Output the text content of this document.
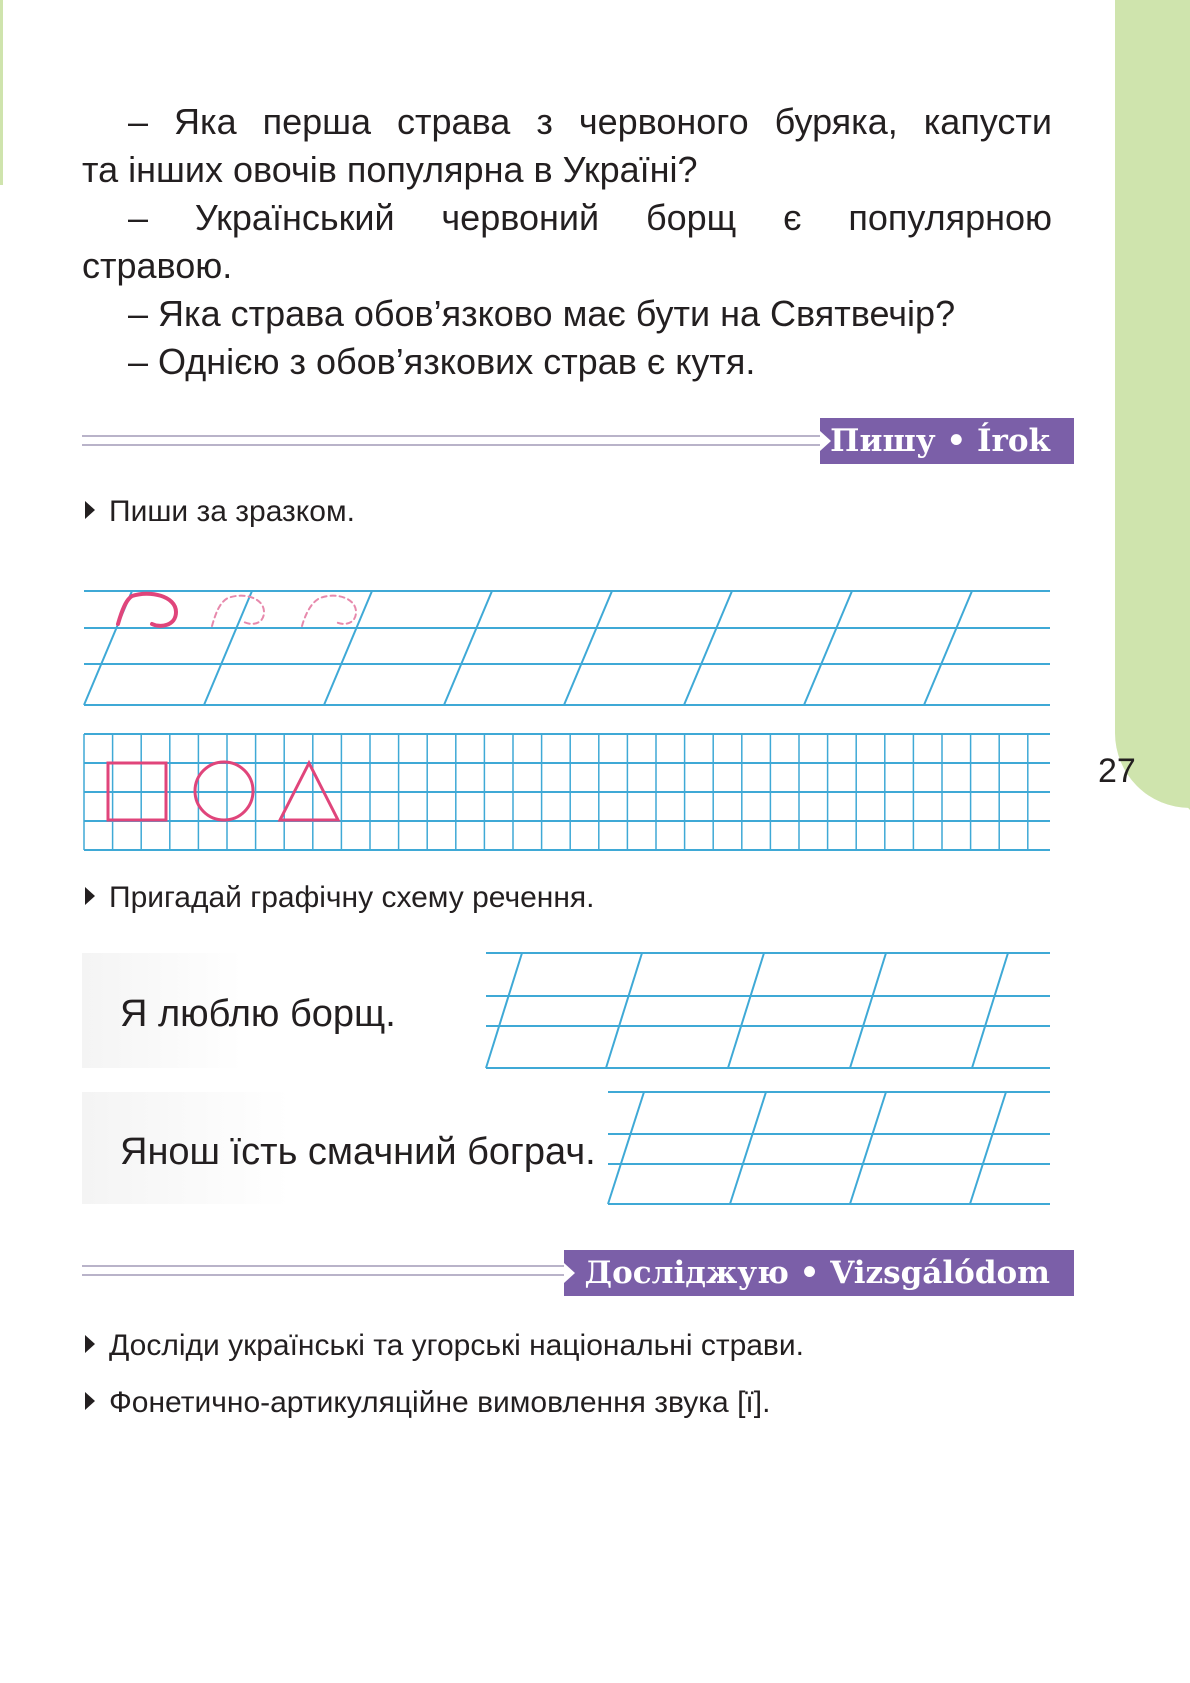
27
– Яка перша страва з червоного буряка, капусти
та інших овочів популярна в Україні?
– Український червоний борщ є популярною
стравою.
– Яка страва обов’язково має бути на Святвечір?
– Однією з обов’язкових страв є кутя.
Пишу • Írok
Пиши за зразком.
Пригадай графічну схему речення.
Я люблю борщ.
Янош їсть смачний бограч.
Досліджую • Vizsgálódom
Досліди українські та угорські національні страви.
Фонетично-артикуляційне вимовлення звука [ї].
